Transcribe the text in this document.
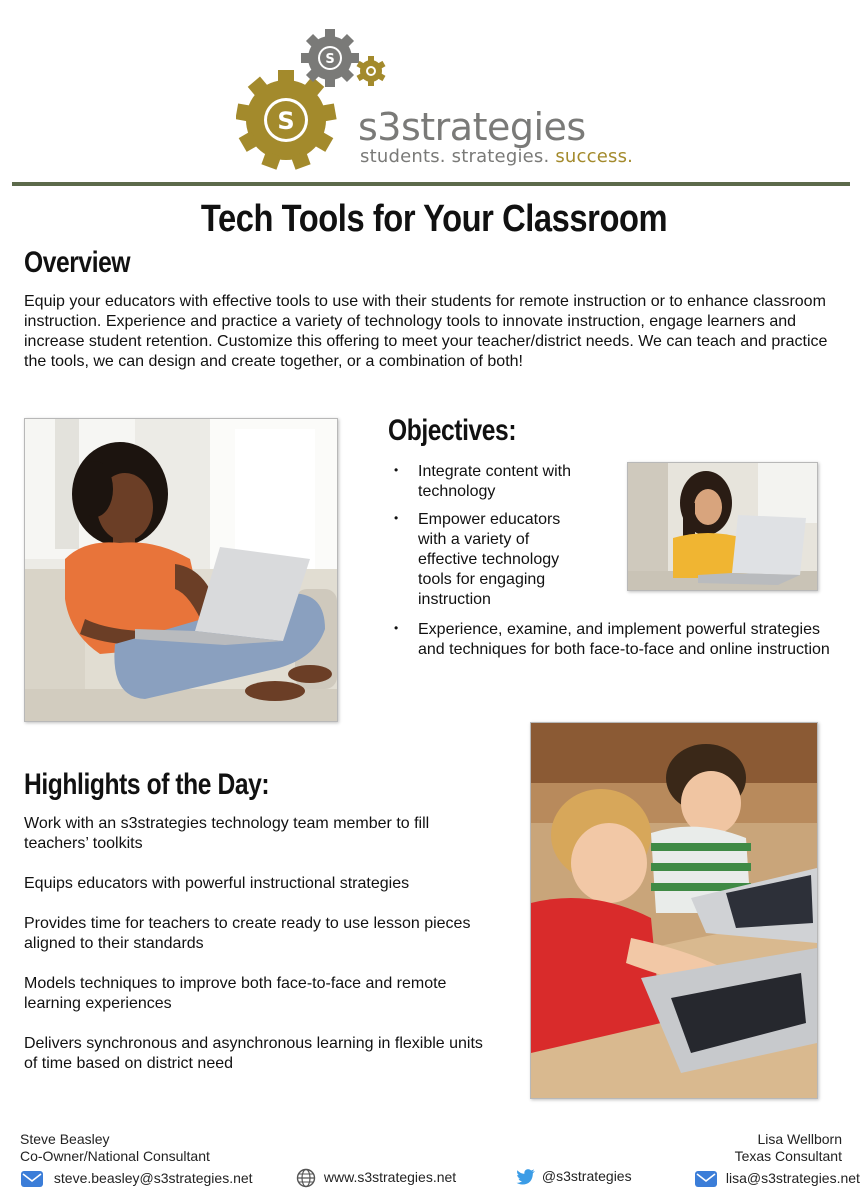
S
S
s3strategies
students. strategies. success.
Tech Tools for Your Classroom
Overview
Equip your educators with effective tools to use with their students for remote instruction or to enhance classroom instruction. Experience and practice a variety of technology tools to innovate instruction, engage learners and increase student retention. Customize this offering to meet your teacher/district needs. We can teach and practice the tools, we can design and create together, or a combination of both!
Objectives:
• Integrate content with technology
• Empower educators with a variety of effective technology tools for engaging instruction
• Experience, examine, and implement powerful strategies and techniques for both face-to-face and online instruction
Highlights of the Day:

Work with an s3strategies technology team member to fill teachers’ toolkits

Equips educators with powerful instructional strategies

Provides time for teachers to create ready to use lesson pieces aligned to their standards

Models techniques to improve both face-to-face and remote learning experiences

Delivers synchronous and asynchronous learning in flexible units of time based on district need

Steve Beasley
Co-Owner/National Consultant
Lisa Wellborn
Texas Consultant
steve.beasley@s3strategies.net	www.s3strategies.net	@s3strategies	lisa@s3strategies.net
